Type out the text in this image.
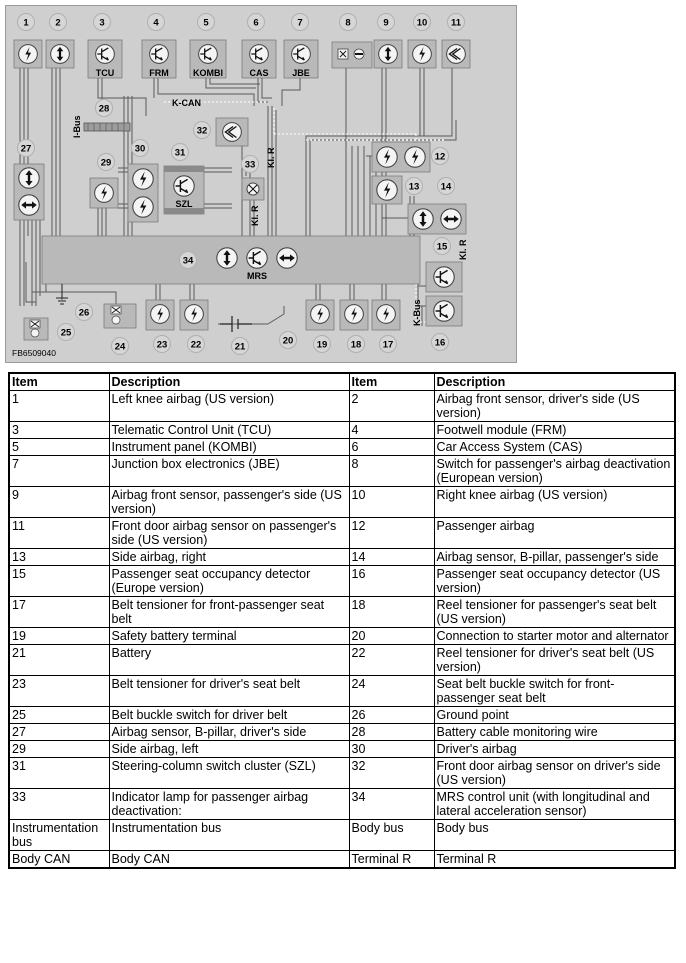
TCU	FRM	KOMBI	CAS	JBE
SZL
MRS
I-Bus
K-CAN
Kl. R
Kl. R
Kl. R
K-Bus
FB6509040
1	2	3	4	5	6	7	8	9	10 11
12
13 14
15
16
17
18
19
20
21
22
23
24
25
26
27
28
29
30	31
32
33
34
Item	Description	Item	Description
1	Left knee airbag (US version)	2	Airbag front sensor, driver's side (US version)
3	Telematic Control Unit (TCU)	4	Footwell module (FRM)
5	Instrument panel (KOMBI)	6	Car Access System (CAS)
7	Junction box electronics (JBE)	8	Switch for passenger's airbag deactivation (European version)
9	Airbag front sensor, passenger's side (US version)	10	Right knee airbag (US version)
11	Front door airbag sensor on passenger's side (US version)	12	Passenger airbag
13	Side airbag, right	14	Airbag sensor, B-pillar, passenger's side
15	Passenger seat occupancy detector (Europe version)	16	Passenger seat occupancy detector (US version)
17	Belt tensioner for front-passenger seat belt	18	Reel tensioner for passenger's seat belt (US version)
19	Safety battery terminal	20	Connection to starter motor and alternator
21	Battery	22	Reel tensioner for driver's seat belt (US version)
23	Belt tensioner for driver's seat belt	24	Seat belt buckle switch for front-passenger seat belt
25	Belt buckle switch for driver belt	26	Ground point
27	Airbag sensor, B-pillar, driver's side	28	Battery cable monitoring wire
29	Side airbag, left	30	Driver's airbag
31	Steering-column switch cluster (SZL)	32	Front door airbag sensor on driver's side (US version)
33	Indicator lamp for passenger airbag deactivation:	34	MRS control unit (with longitudinal and lateral acceleration sensor)
Instrumentation bus	Instrumentation bus	Body bus	Body bus
Body CAN	Body CAN	Terminal R	Terminal R
